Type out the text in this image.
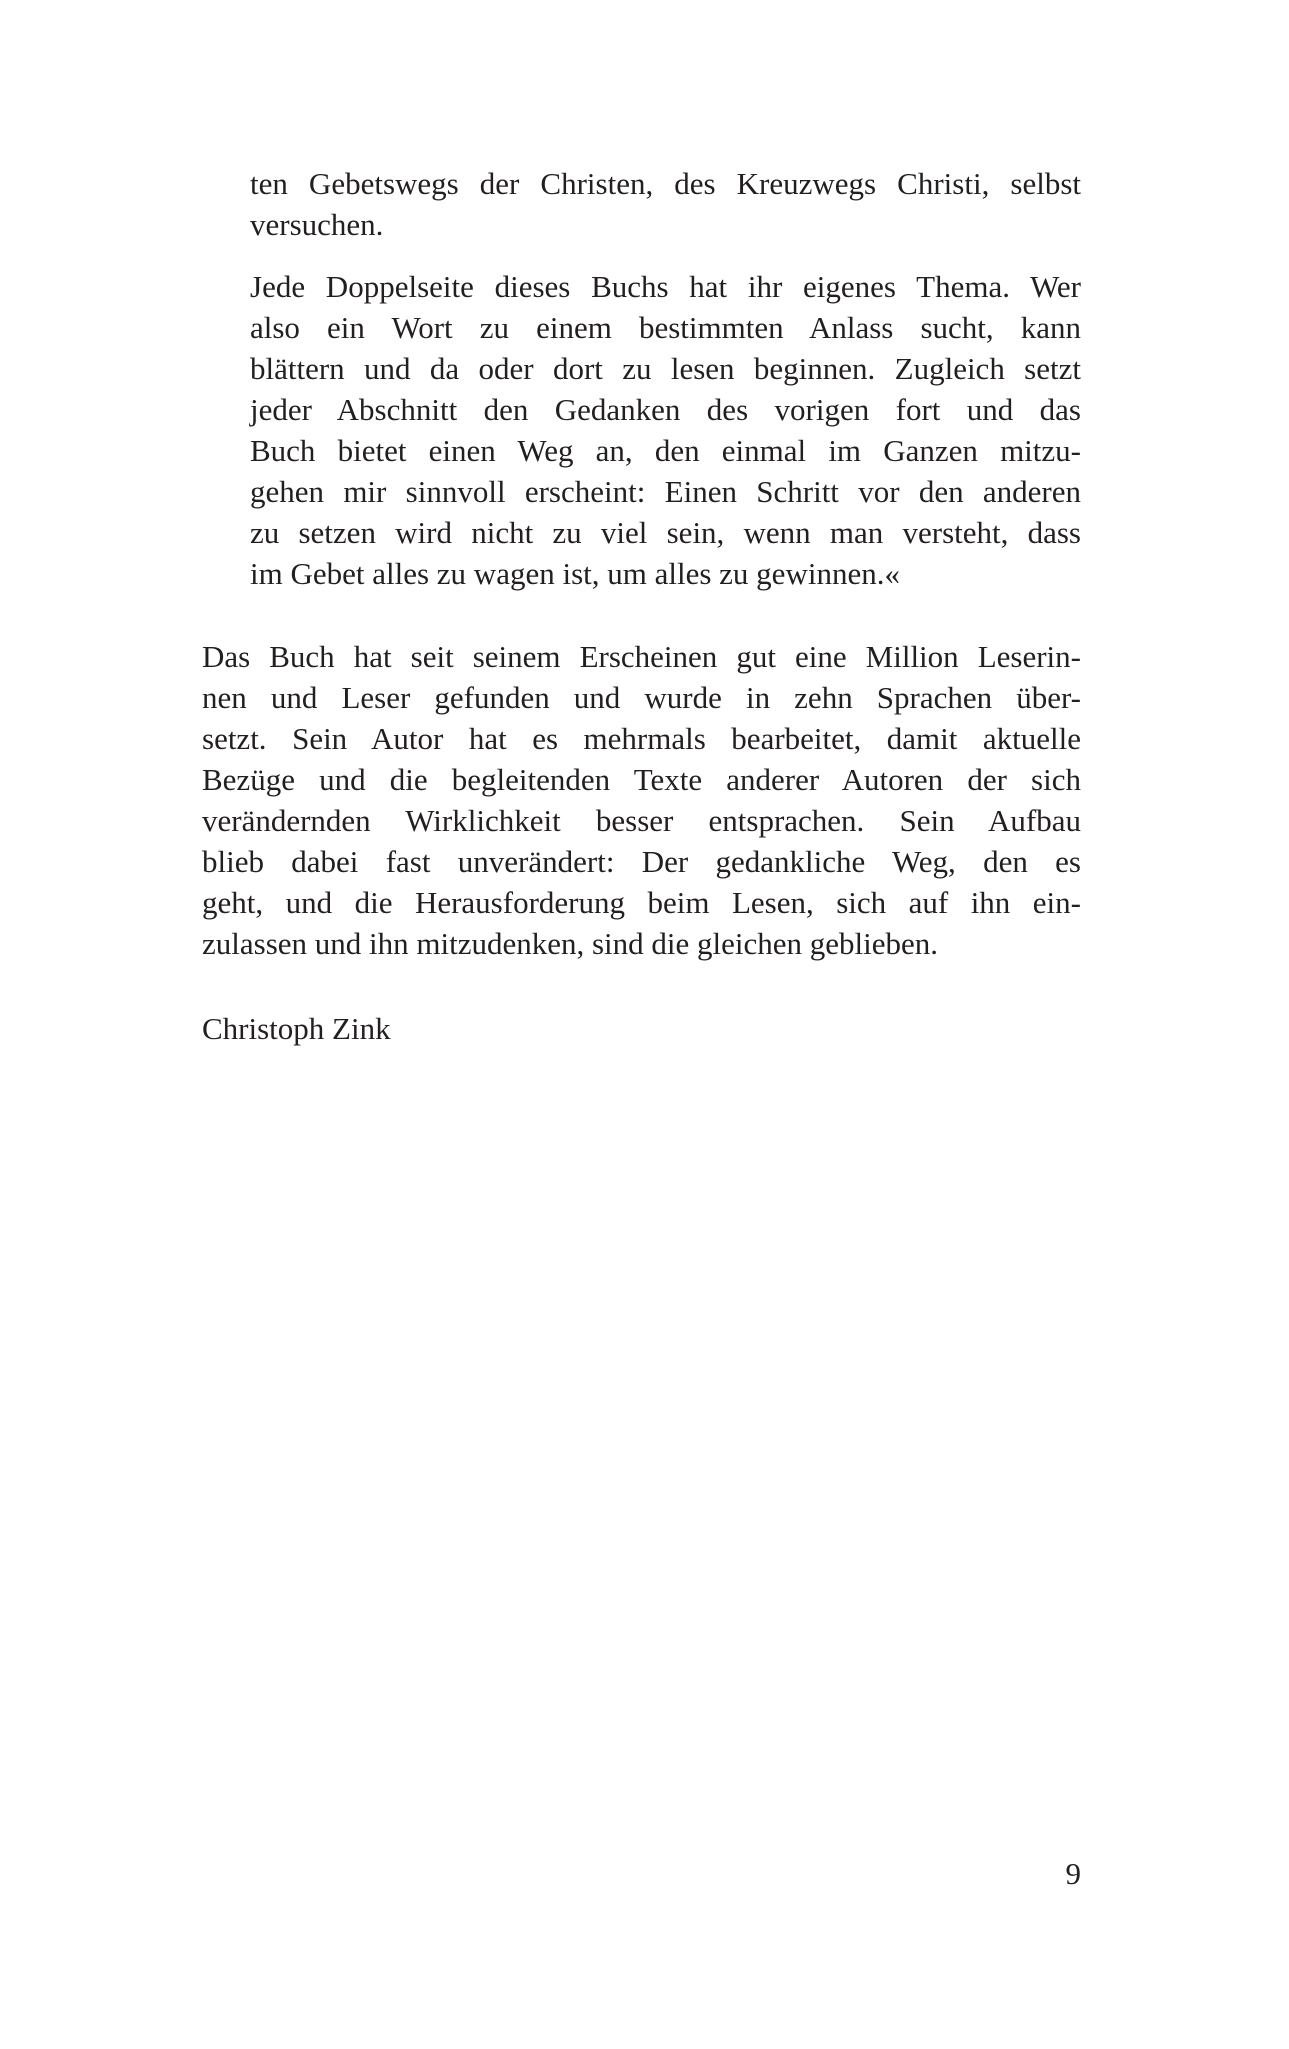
ten Gebetswegs der Christen, des Kreuzwegs Christi, selbst
versuchen.
Jede Doppelseite dieses Buchs hat ihr eigenes Thema. Wer
also ein Wort zu einem bestimmten Anlass sucht, kann
blättern und da oder dort zu lesen beginnen. Zugleich setzt
jeder Abschnitt den Gedanken des vorigen fort und das
Buch bietet einen Weg an, den einmal im Ganzen mitzu-
gehen mir sinnvoll erscheint: Einen Schritt vor den anderen
zu setzen wird nicht zu viel sein, wenn man versteht, dass
im Gebet alles zu wagen ist, um alles zu gewinnen.«
Das Buch hat seit seinem Erscheinen gut eine Million Leserin-
nen und Leser gefunden und wurde in zehn Sprachen über-
setzt. Sein Autor hat es mehrmals bearbeitet, damit aktuelle
Bezüge und die begleitenden Texte anderer Autoren der sich
verändernden Wirklichkeit besser entsprachen. Sein Aufbau
blieb dabei fast unverändert: Der gedankliche Weg, den es
geht, und die Herausforderung beim Lesen, sich auf ihn ein-
zulassen und ihn mitzudenken, sind die gleichen geblieben.
Christoph Zink
9
